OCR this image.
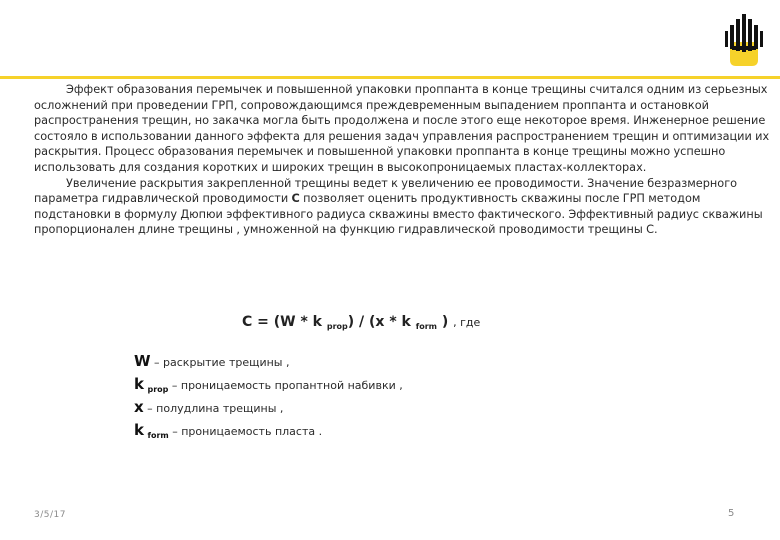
Эффект образования перемычек и повышенной упаковки проппанта в конце трещины считался одним из серьезных осложнений при проведении ГРП, сопровождающимся преждевременным выпадением проппанта и остановкой распространения трещин, но закачка могла быть продолжена и после этого еще некоторое время. Инженерное решение состояло в использовании данного эффекта для решения задач управления распространением трещин и оптимизации их раскрытия. Процесс образования перемычек и повышенной упаковки проппанта в конце трещины можно успешно использовать для создания коротких и широких трещин в высокопроницаемых пластах-коллекторах.

Увеличение раскрытия закрепленной трещины ведет к увеличению ее проводимости. Значение безразмерного параметра гидравлической проводимости С позволяет оценить продуктивность скважины после ГРП методом подстановки в формулу Дюпюи эффективного радиуса скважины вместо фактического. Эффективный радиус скважины пропорционален длине трещины , умноженной на функцию гидравлической проводимости трещины С.

С = (W * k $_{prop}$) / (x * k $_{form}$ ) , где
W – раскрытие трещины ,
k $_{prop}$ – проницаемость пропантной набивки ,
x – полудлина трещины ,
k $_{form}$ – проницаемость пласта .
3/5/17	5
